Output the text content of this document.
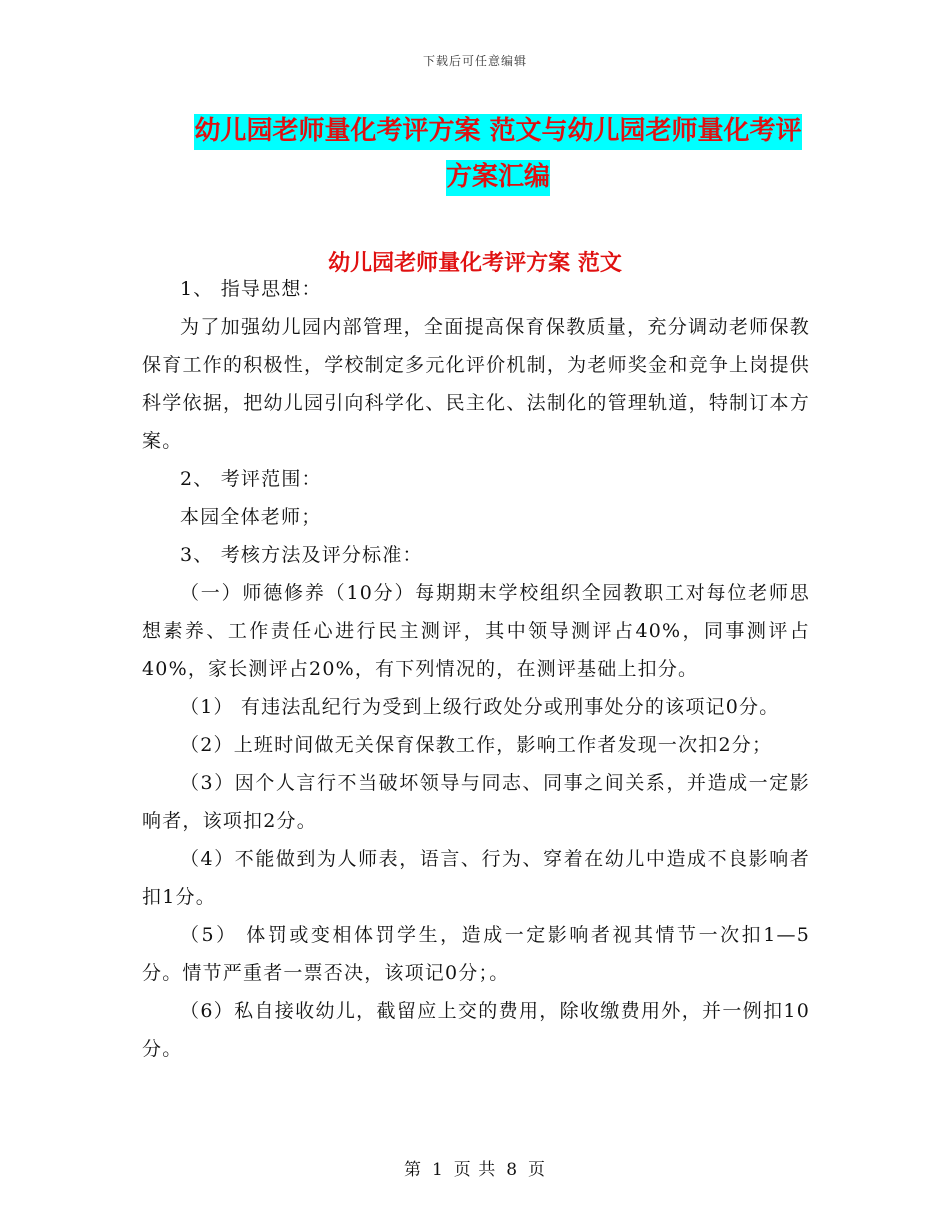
下载后可任意编辑
幼儿园老师量化考评方案 范文与幼儿园老师量化考评
方案汇编
幼儿园老师量化考评方案 范文

1、 指导思想：

为了加强幼儿园内部管理，全面提高保育保教质量，充分调动老师保教保育工作的积极性，学校制定多元化评价机制，为老师奖金和竞争上岗提供科学依据，把幼儿园引向科学化、民主化、法制化的管理轨道，特制订本方案。

2、 考评范围：

本园全体老师；

3、 考核方法及评分标准：

（一）师德修养（10分）每期期末学校组织全园教职工对每位老师思想素养、工作责任心进行民主测评，其中领导测评占40%，同事测评占40%，家长测评占20%，有下列情况的，在测评基础上扣分。

（1） 有违法乱纪行为受到上级行政处分或刑事处分的该项记0分。

（2）上班时间做无关保育保教工作，影响工作者发现一次扣2分；

（3）因个人言行不当破坏领导与同志、同事之间关系，并造成一定影响者，该项扣2分。

（4）不能做到为人师表，语言、行为、穿着在幼儿中造成不良影响者扣1分。

（5） 体罚或变相体罚学生，造成一定影响者视其情节一次扣1—5分。情节严重者一票否决，该项记0分；。

（6）私自接收幼儿，截留应上交的费用，除收缴费用外，并一例扣10分。

第 1 页 共 8 页
